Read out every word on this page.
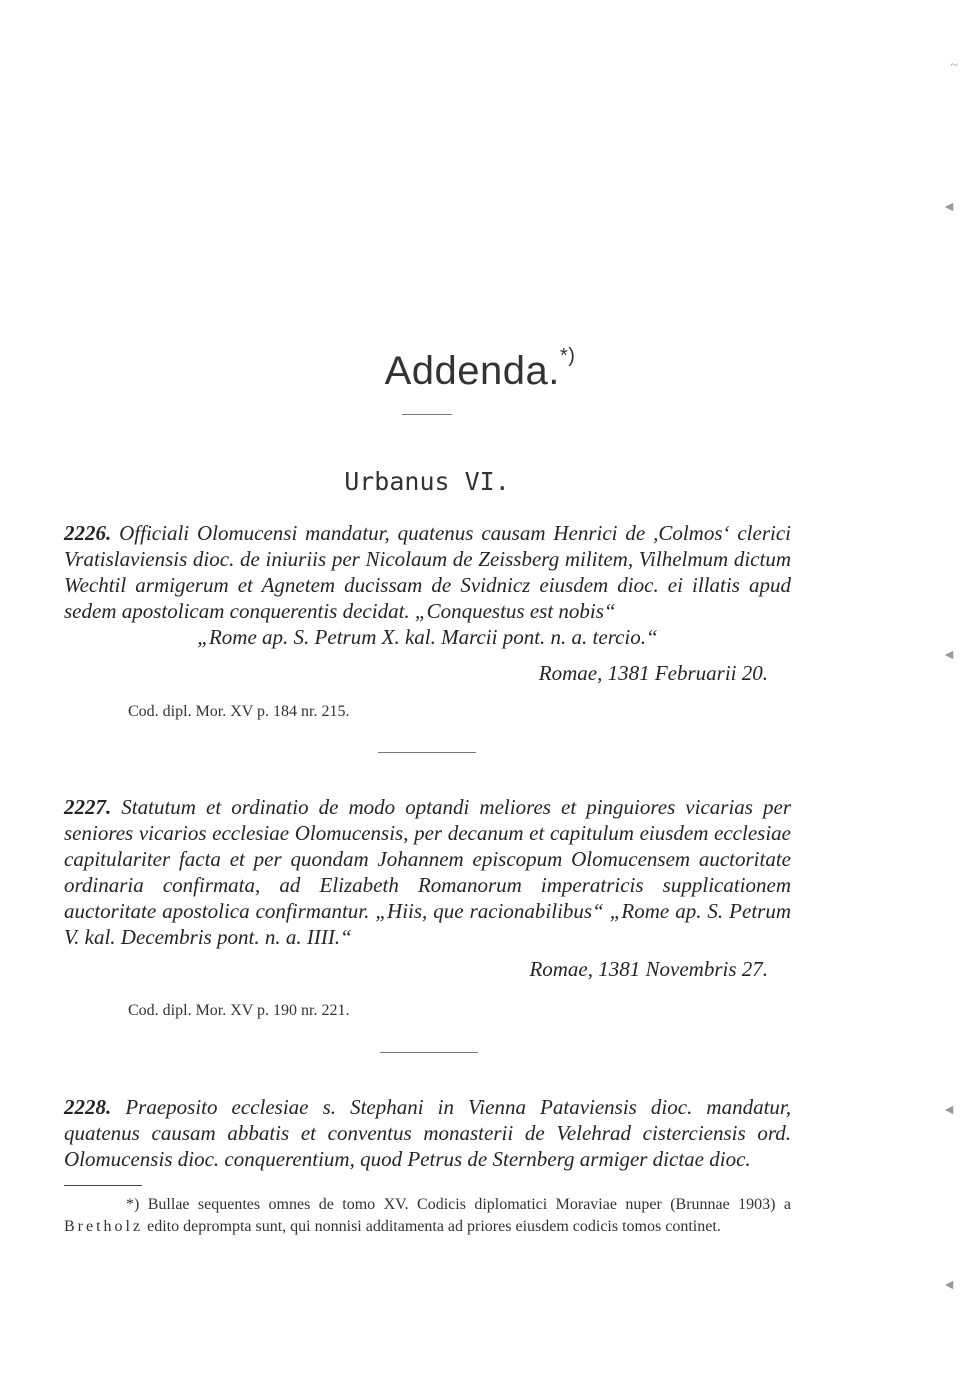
Addenda.*)
Urbanus VI.
2226. Officiali Olomucensi mandatur, quatenus causam Henrici de ,Colmos‘ clerici Vratislaviensis dioc. de iniuriis per Nicolaum de Zeissberg militem, Vilhelmum dictum Wechtil armigerum et Agnetem ducissam de Svidnicz eiusdem dioc. ei illatis apud sedem apostolicam conquerentis decidat. „Conquestus est nobis“
„Rome ap. S. Petrum X. kal. Marcii pont. n. a. tercio.“
Romae, 1381 Februarii 20.
Cod. dipl. Mor. XV p. 184 nr. 215.
2227. Statutum et ordinatio de modo optandi meliores et pinguiores vicarias per seniores vicarios ecclesiae Olomucensis, per decanum et capitulum eiusdem ecclesiae capitulariter facta et per quondam Johannem episcopum Olomucensem auctoritate ordinaria confirmata, ad Elizabeth Romanorum imperatricis supplicationem auctoritate apostolica confirmantur. „Hiis, que racionabilibus“ „Rome ap. S. Petrum V. kal. Decembris pont. n. a. IIII.“
Romae, 1381 Novembris 27.
Cod. dipl. Mor. XV p. 190 nr. 221.
2228. Praeposito ecclesiae s. Stephani in Vienna Pataviensis dioc. mandatur, quatenus causam abbatis et conventus monasterii de Velehrad cisterciensis ord. Olomucensis dioc. conquerentium, quod Petrus de Sternberg armiger dictae dioc.
*) Bullae sequentes omnes de tomo XV. Codicis diplomatici Moraviae nuper (Brunnae 1903) a Bretholz edito deprompta sunt, qui nonnisi additamenta ad priores eiusdem codicis tomos continet.
~
◄
◄
◄
◄
